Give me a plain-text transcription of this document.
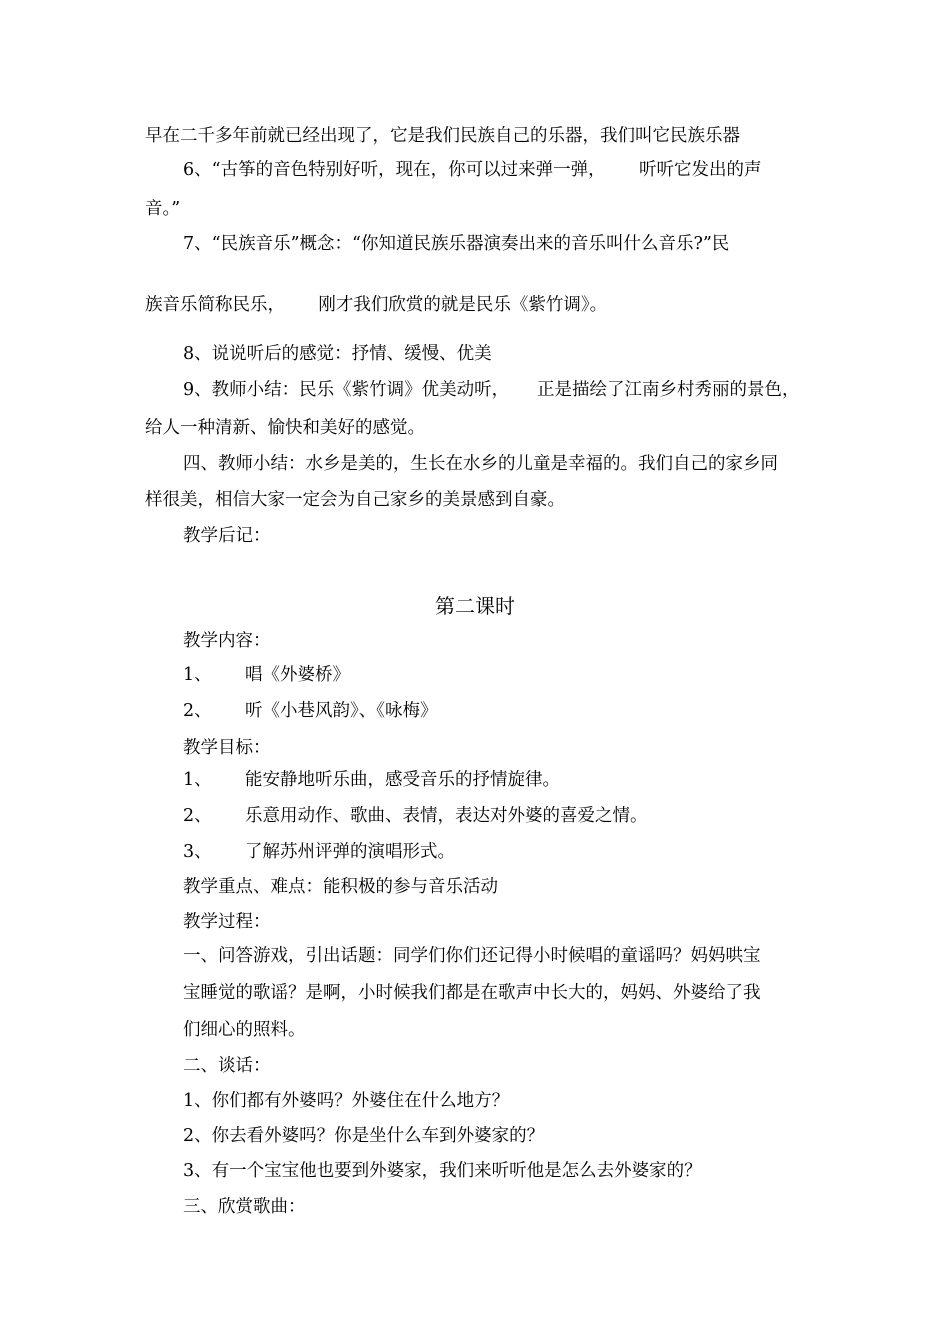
早在二千多年前就已经出现了，它是我们民族自己的乐器，我们叫它民族乐器
6、“古筝的音色特别好听，现在，你可以过来弹一弹，      听听它发出的声
音。”
7、“民族音乐”概念：“你知道民族乐器演奏出来的音乐叫什么音乐?”民
族音乐简称民乐，      刚才我们欣赏的就是民乐《紫竹调》。
8、说说听后的感觉：抒情、缓慢、优美
9、教师小结：民乐《紫竹调》优美动听，     正是描绘了江南乡村秀丽的景色，
给人一种清新、愉快和美好的感觉。
四、教师小结：水乡是美的，生长在水乡的儿童是幸福的。我们自己的家乡同
样很美，相信大家一定会为自己家乡的美景感到自豪。
教学后记：
第二课时
教学内容：
1、      唱《外婆桥》
2、      听《小巷风韵》、《咏梅》
教学目标：
1、      能安静地听乐曲，感受音乐的抒情旋律。
2、      乐意用动作、歌曲、表情，表达对外婆的喜爱之情。
3、      了解苏州评弹的演唱形式。
教学重点、难点：能积极的参与音乐活动
教学过程：
一、问答游戏，引出话题：同学们你们还记得小时候唱的童谣吗？妈妈哄宝
宝睡觉的歌谣？是啊，小时候我们都是在歌声中长大的，妈妈、外婆给了我
们细心的照料。
二、谈话：
1、你们都有外婆吗？外婆住在什么地方？
2、你去看外婆吗？你是坐什么车到外婆家的？
3、有一个宝宝他也要到外婆家，我们来听听他是怎么去外婆家的？
三、欣赏歌曲：
